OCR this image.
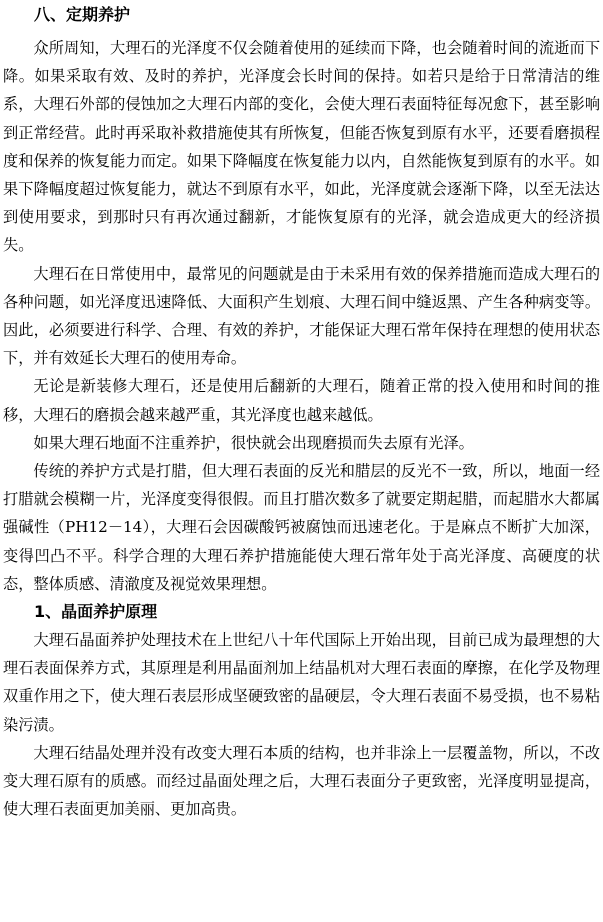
八、定期养护

众所周知，大理石的光泽度不仅会随着使用的延续而下降，也会随着时间的流逝而下降。如果采取有效、及时的养护，光泽度会长时间的保持。如若只是给于日常清洁的维系，大理石外部的侵蚀加之大理石内部的变化，会使大理石表面特征每况愈下，甚至影响到正常经营。此时再采取补救措施使其有所恢复，但能否恢复到原有水平，还要看磨损程度和保养的恢复能力而定。如果下降幅度在恢复能力以内，自然能恢复到原有的水平。如果下降幅度超过恢复能力，就达不到原有水平，如此，光泽度就会逐渐下降，以至无法达到使用要求，到那时只有再次通过翻新，才能恢复原有的光泽，就会造成更大的经济损失。

大理石在日常使用中，最常见的问题就是由于未采用有效的保养措施而造成大理石的各种问题，如光泽度迅速降低、大面积产生划痕、大理石间中缝返黑、产生各种病变等。因此，必须要进行科学、合理、有效的养护，才能保证大理石常年保持在理想的使用状态下，并有效延长大理石的使用寿命。

无论是新装修大理石，还是使用后翻新的大理石，随着正常的投入使用和时间的推移，大理石的磨损会越来越严重，其光泽度也越来越低。

如果大理石地面不注重养护，很快就会出现磨损而失去原有光泽。

传统的养护方式是打腊，但大理石表面的反光和腊层的反光不一致，所以，地面一经打腊就会模糊一片，光泽度变得很假。而且打腊次数多了就要定期起腊，而起腊水大都属强碱性（PH12－14），大理石会因碳酸钙被腐蚀而迅速老化。于是麻点不断扩大加深，变得凹凸不平。科学合理的大理石养护措施能使大理石常年处于高光泽度、高硬度的状态，整体质感、清澈度及视觉效果理想。

1、晶面养护原理

大理石晶面养护处理技术在上世纪八十年代国际上开始出现，目前已成为最理想的大理石表面保养方式，其原理是利用晶面剂加上结晶机对大理石表面的摩擦，在化学及物理双重作用之下，使大理石表层形成坚硬致密的晶硬层，令大理石表面不易受损，也不易粘染污渍。

大理石结晶处理并没有改变大理石本质的结构，也并非涂上一层覆盖物，所以，不改变大理石原有的质感。而经过晶面处理之后，大理石表面分子更致密，光泽度明显提高，使大理石表面更加美丽、更加高贵。
